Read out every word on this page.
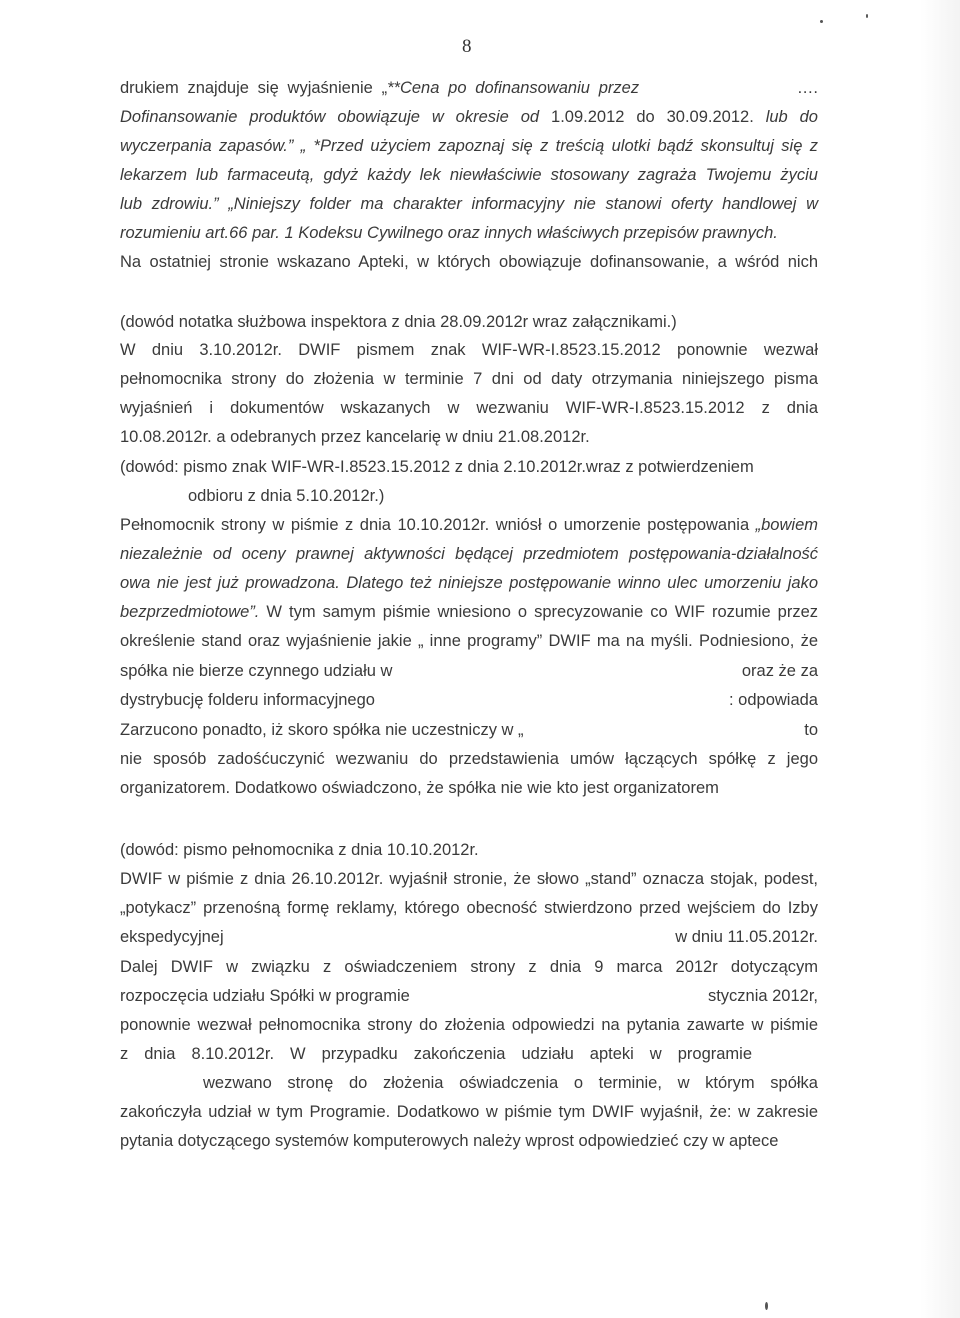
8
drukiem znajduje się wyjaśnienie „**Cena po dofinansowaniu przez                  ….
Dofinansowanie produktów obowiązuje w okresie od 1.09.2012 do 30.09.2012. lub do
wyczerpania zapasów.” „ *Przed użyciem zapoznaj się z treścią ulotki bądź skonsultuj się z
lekarzem lub farmaceutą, gdyż każdy lek niewłaściwie stosowany zagraża Twojemu życiu
lub zdrowiu.” „Niniejszy folder ma charakter informacyjny nie stanowi oferty handlowej w
rozumieniu art.66 par. 1 Kodeksu Cywilnego oraz innych właściwych przepisów prawnych.
Na ostatniej stronie wskazano Apteki, w których obowiązuje dofinansowanie, a wśród nich
(dowód notatka służbowa inspektora z dnia 28.09.2012r wraz załącznikami.)
W dniu 3.10.2012r. DWIF pismem znak WIF-WR-I.8523.15.2012 ponownie wezwał
pełnomocnika strony do złożenia w terminie 7 dni od daty otrzymania niniejszego pisma
wyjaśnień i dokumentów wskazanych w wezwaniu WIF-WR-I.8523.15.2012 z dnia
10.08.2012r. a odebranych przez kancelarię w dniu 21.08.2012r.
(dowód: pismo znak WIF-WR-I.8523.15.2012 z dnia 2.10.2012r.wraz z potwierdzeniem
odbioru z dnia 5.10.2012r.)
Pełnomocnik strony w piśmie z dnia 10.10.2012r. wniósł o umorzenie postępowania „bowiem
niezależnie od oceny prawnej aktywności będącej przedmiotem postępowania-działalność
owa nie jest już prowadzona. Dlatego też niniejsze postępowanie winno ulec umorzeniu jako
bezprzedmiotowe”. W tym samym piśmie wniesiono o sprecyzowanie co WIF rozumie przez
określenie stand oraz wyjaśnienie jakie „ inne programy” DWIF ma na myśli. Podniesiono, że
spółka nie bierze czynnego udziału w	oraz że za
dystrybucję folderu informacyjnego	: odpowiada
Zarzucono ponadto, iż skoro spółka nie uczestniczy w „	to
nie sposób zadośćuczynić wezwaniu do przedstawienia umów łączących spółkę z jego
organizatorem. Dodatkowo oświadczono, że spółka nie wie kto jest organizatorem
(dowód: pismo pełnomocnika z dnia 10.10.2012r.
DWIF w piśmie z dnia 26.10.2012r. wyjaśnił stronie, że słowo „stand” oznacza stojak, podest,
„potykacz” przenośną formę reklamy, którego obecność stwierdzono przed wejściem do Izby
ekspedycyjnej	w dniu 11.05.2012r.
Dalej DWIF w związku z oświadczeniem strony z dnia 9 marca 2012r dotyczącym
rozpoczęcia udziału Spółki w programie	stycznia 2012r,
ponownie wezwał pełnomocnika strony do złożenia odpowiedzi na pytania zawarte w piśmie
z dnia 8.10.2012r. W przypadku zakończenia udziału apteki w programie
wezwano stronę do złożenia oświadczenia o terminie, w którym spółka
zakończyła udział w tym Programie. Dodatkowo w piśmie tym DWIF wyjaśnił, że: w zakresie
pytania dotyczącego systemów komputerowych należy wprost odpowiedzieć czy w aptece
